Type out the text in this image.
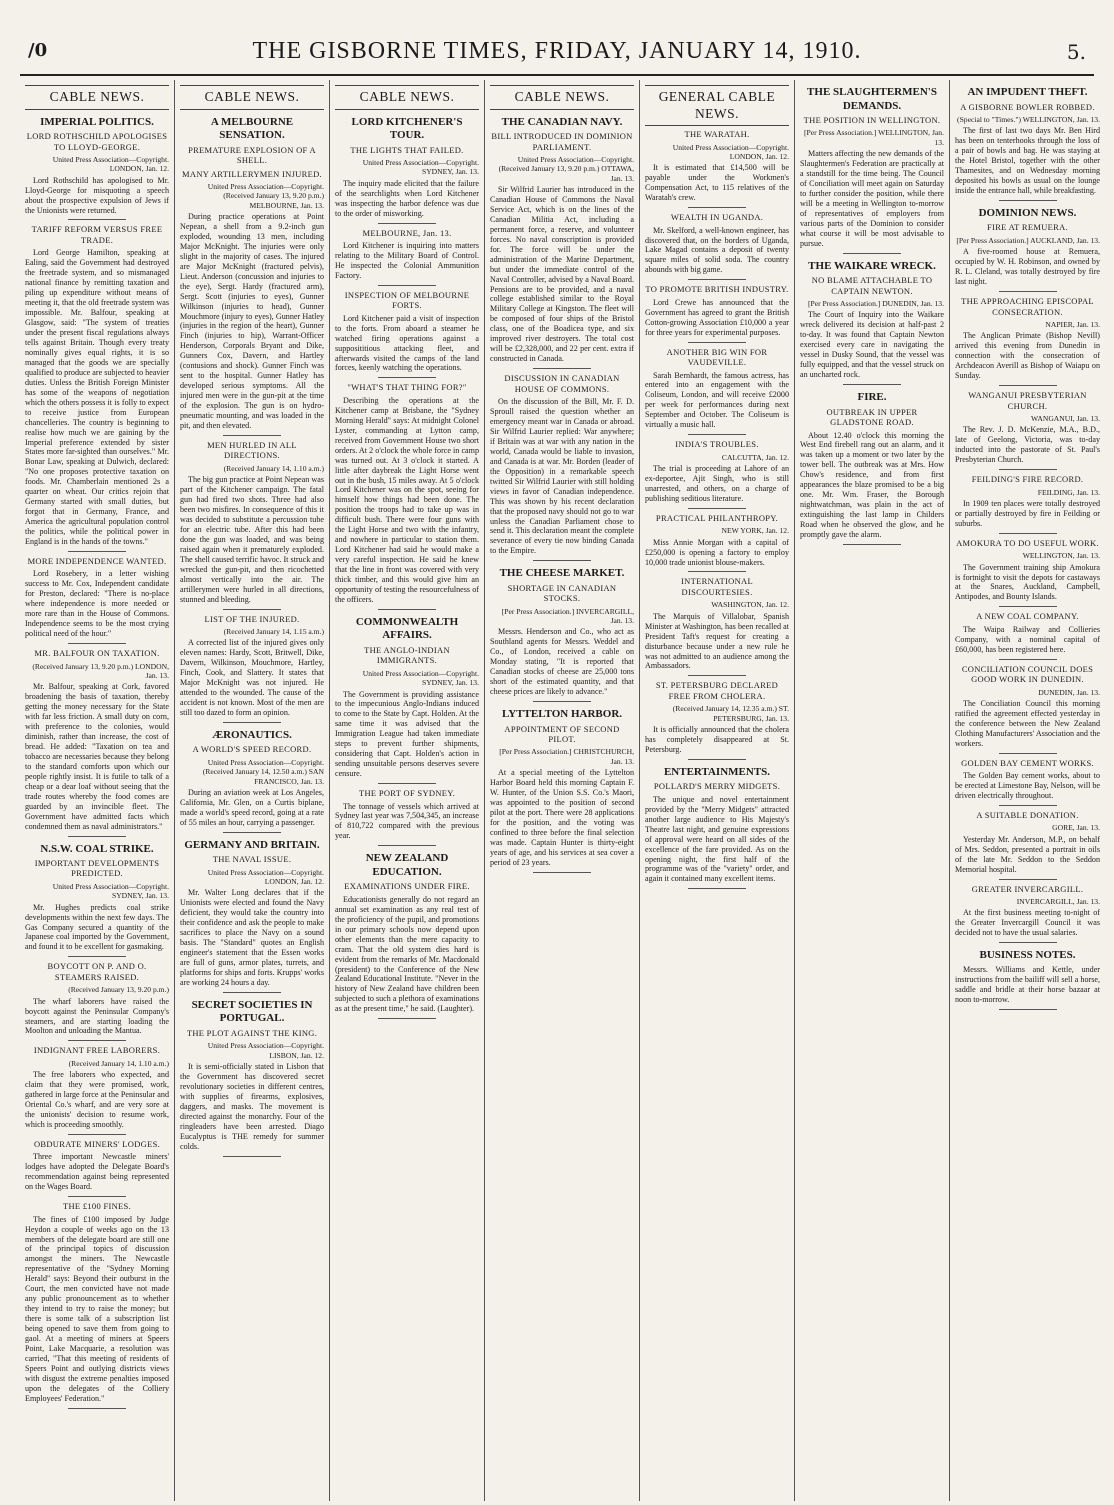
/0	THE GISBORNE TIMES, FRIDAY, JANUARY 14, 1910.	5.
CABLE NEWS.
IMPERIAL POLITICS.
LORD ROTHSCHILD APOLOGISES TO LLOYD-GEORGE.
United Press Association—Copyright. LONDON, Jan. 12.

Lord Rothschild has apologised to Mr. Lloyd-George for misquoting a speech about the prospective expulsion of Jews if the Unionists were returned.

TARIFF REFORM VERSUS FREE TRADE.

Lord George Hamilton, speaking at Ealing, said the Government had destroyed the freetrade system, and so mismanaged national finance by remitting taxation and piling up expenditure without means of meeting it, that the old freetrade system was impossible. Mr. Balfour, speaking at Glasgow, said: "The system of treaties under the present fiscal regulations always tells against Britain. Though every treaty nominally gives equal rights, it is so managed that the goods we are specially qualified to produce are subjected to heavier duties. Unless the British Foreign Minister has some of the weapons of negotiation which the others possess it is folly to expect to receive justice from European chancelleries. The country is beginning to realise how much we are gaining by the Imperial preference extended by sister States more far-sighted than ourselves." Mr. Bonar Law, speaking at Dulwich, declared: "No one proposes protective taxation on foods. Mr. Chamberlain mentioned 2s a quarter on wheat. Our critics rejoin that Germany started with small duties, but forgot that in Germany, France, and America the agricultural population control the politics, while the political power in England is in the hands of the towns."

MORE INDEPENDENCE WANTED.

Lord Rosebery, in a letter wishing success to Mr. Cox, Independent candidate for Preston, declared: "There is no-place where independence is more needed or more rare than in the House of Commons. Independence seems to be the most crying political need of the hour."

MR. BALFOUR ON TAXATION.
(Received January 13, 9.20 p.m.) LONDON, Jan. 13.

Mr. Balfour, speaking at Cork, favored broadening the basis of taxation, thereby getting the money necessary for the State with far less friction. A small duty on corn, with preference to the colonies, would diminish, rather than increase, the cost of bread. He added: "Taxation on tea and tobacco are necessaries because they belong to the standard comforts upon which our people rightly insist. It is futile to talk of a cheap or a dear loaf without seeing that the trade routes whereby the food comes are guarded by an invincible fleet. The Government have admitted facts which condemned them as naval administrators."

N.S.W. COAL STRIKE.
IMPORTANT DEVELOPMENTS PREDICTED.
United Press Association—Copyright. SYDNEY, Jan. 13.

Mr. Hughes predicts coal strike developments within the next few days. The Gas Company secured a quantity of the Japanese coal imported by the Government, and found it to be excellent for gasmaking.

BOYCOTT ON P. AND O. STEAMERS RAISED.
(Received January 13, 9.20 p.m.)

The wharf laborers have raised the boycott against the Peninsular Company's steamers, and are starting loading the Moolton and unloading the Mantua.

INDIGNANT FREE LABORERS.
(Received January 14, 1.10 a.m.)

The free laborers who expected, and claim that they were promised, work, gathered in large force at the Peninsular and Oriental Co.'s wharf, and are very sore at the unionists' decision to resume work, which is proceeding smoothly.

OBDURATE MINERS' LODGES.

Three important Newcastle miners' lodges have adopted the Delegate Board's recommendation against being represented on the Wages Board.

THE £100 FINES.

The fines of £100 imposed by Judge Heydon a couple of weeks ago on the 13 members of the delegate board are still one of the principal topics of discussion amongst the miners. The Newcastle representative of the "Sydney Morning Herald" says: Beyond their outburst in the Court, the men convicted have not made any public pronouncement as to whether they intend to try to raise the money; but there is some talk of a subscription list being opened to save them from going to gaol. At a meeting of miners at Speers Point, Lake Macquarie, a resolution was carried, "That this meeting of residents of Speers Point and outlying districts views with disgust the extreme penalties imposed upon the delegates of the Colliery Employees' Federation."

CABLE NEWS.
A MELBOURNE SENSATION.
PREMATURE EXPLOSION OF A SHELL.
MANY ARTILLERYMEN INJURED.
United Press Association—Copyright. (Received January 13, 9.20 p.m.) MELBOURNE, Jan. 13.

During practice operations at Point Nepean, a shell from a 9.2-inch gun exploded, wounding 13 men, including Major McKnight. The injuries were only slight in the majority of cases. The injured are Major McKnight (fractured pelvis), Lieut. Anderson (concussion and injuries to the eye), Sergt. Hardy (fractured arm), Sergt. Scott (injuries to eyes), Gunner Wilkinson (injuries to head), Gunner Mouchmore (injury to eyes), Gunner Hatley (injuries in the region of the heart), Gunner Finch (injuries to hip), Warrant-Officer Henderson, Corporals Bryant and Dike, Gunners Cox, Davern, and Hartley (contusions and shock). Gunner Finch was sent to the hospital. Gunner Hatley has developed serious symptoms. All the injured men were in the gun-pit at the time of the explosion. The gun is on hydro-pneumatic mounting, and was loaded in the pit, and then elevated.

MEN HURLED IN ALL DIRECTIONS.
(Received January 14, 1.10 a.m.)

The big gun practice at Point Nepean was part of the Kitchener campaign. The fatal gun had fired two shots. Three had also been two misfires. In consequence of this it was decided to substitute a percussion tube for an electric tube. After this had been done the gun was loaded, and was being raised again when it prematurely exploded. The shell caused terrific havoc. It struck and wrecked the gun-pit, and then ricochetted almost vertically into the air. The artillerymen were hurled in all directions, stunned and bleeding.

LIST OF THE INJURED.
(Received January 14, 1.15 a.m.)

A corrected list of the injured gives only eleven names: Hardy, Scott, Britwell, Dike, Davern, Wilkinson, Mouchmore, Hartley, Finch, Cook, and Slattery. It states that Major McKnight was not injured. He attended to the wounded. The cause of the accident is not known. Most of the men are still too dazed to form an opinion.

ÆRONAUTICS.
A WORLD'S SPEED RECORD.
United Press Association—Copyright. (Received January 14, 12.50 a.m.) SAN FRANCISCO, Jan. 13.

During an aviation week at Los Angeles, California, Mr. Glen, on a Curtis biplane, made a world's speed record, going at a rate of 55 miles an hour, carrying a passenger.

GERMANY AND BRITAIN.
THE NAVAL ISSUE.
United Press Association—Copyright. LONDON, Jan. 12.

Mr. Walter Long declares that if the Unionists were elected and found the Navy deficient, they would take the country into their confidence and ask the people to make sacrifices to place the Navy on a sound basis. The "Standard" quotes an English engineer's statement that the Essen works are full of guns, armor plates, turrets, and platforms for ships and forts. Krupps' works are working 24 hours a day.

SECRET SOCIETIES IN PORTUGAL.
THE PLOT AGAINST THE KING.
United Press Association—Copyright. LISBON, Jan. 12.

It is semi-officially stated in Lisbon that the Government has discovered secret revolutionary societies in different centres, with supplies of firearms, explosives, daggers, and masks. The movement is directed against the monarchy. Four of the ringleaders have been arrested. Diago Eucalyptus is THE remedy for summer colds.

CABLE NEWS.
LORD KITCHENER'S TOUR.
THE LIGHTS THAT FAILED.
United Press Association—Copyright. SYDNEY, Jan. 13.

The inquiry made elicited that the failure of the searchlights when Lord Kitchener was inspecting the harbor defence was due to the order of misworking.

MELBOURNE, Jan. 13.

Lord Kitchener is inquiring into matters relating to the Military Board of Control. He inspected the Colonial Ammunition Factory.

INSPECTION OF MELBOURNE FORTS.

Lord Kitchener paid a visit of inspection to the forts. From aboard a steamer he watched firing operations against a supposititious attacking fleet, and afterwards visited the camps of the land forces, keenly watching the operations.

"WHAT'S THAT THING FOR?"

Describing the operations at the Kitchener camp at Brisbane, the "Sydney Morning Herald" says: At midnight Colonel Lyster, commanding at Lytton camp, received from Government House two short orders. At 2 o'clock the whole force in camp was turned out. At 3 o'clock it started. A little after daybreak the Light Horse went out in the bush, 15 miles away. At 5 o'clock Lord Kitchener was on the spot, seeing for himself how things had been done. The position the troops had to take up was in difficult bush. There were four guns with the Light Horse and two with the infantry, and nowhere in particular to station them. Lord Kitchener had said he would make a very careful inspection. He said he knew that the line in front was covered with very thick timber, and this would give him an opportunity of testing the resourcefulness of the officers.

COMMONWEALTH AFFAIRS.
THE ANGLO-INDIAN IMMIGRANTS.
United Press Association—Copyright. SYDNEY, Jan. 13.

The Government is providing assistance to the impecunious Anglo-Indians induced to come to the State by Capt. Holden. At the same time it was advised that the Immigration League had taken immediate steps to prevent further shipments, considering that Capt. Holden's action in sending unsuitable persons deserves severe censure.

THE PORT OF SYDNEY.

The tonnage of vessels which arrived at Sydney last year was 7,504,345, an increase of 810,722 compared with the previous year.

NEW ZEALAND EDUCATION.
EXAMINATIONS UNDER FIRE.

Educationists generally do not regard an annual set examination as any real test of the proficiency of the pupil, and promotions in our primary schools now depend upon other elements than the mere capacity to cram. That the old system dies hard is evident from the remarks of Mr. Macdonald (president) to the Conference of the New Zealand Educational Institute. "Never in the history of New Zealand have children been subjected to such a plethora of examinations as at the present time," he said. (Laughter).

CABLE NEWS.
THE CANADIAN NAVY.
BILL INTRODUCED IN DOMINION PARLIAMENT.
United Press Association—Copyright. (Received January 13, 9.20 p.m.) OTTAWA, Jan. 13.

Sir Wilfrid Laurier has introduced in the Canadian House of Commons the Naval Service Act, which is on the lines of the Canadian Militia Act, including a permanent force, a reserve, and volunteer forces. No naval conscription is provided for. The force will be under the administration of the Marine Department, but under the immediate control of the Naval Controller, advised by a Naval Board. Pensions are to be provided, and a naval college established similar to the Royal Military College at Kingston. The fleet will be composed of four ships of the Bristol class, one of the Boadicea type, and six improved river destroyers. The total cost will be £2,328,000, and 22 per cent. extra if constructed in Canada.

DISCUSSION IN CANADIAN HOUSE OF COMMONS.

On the discussion of the Bill, Mr. F. D. Sproull raised the question whether an emergency meant war in Canada or abroad. Sir Wilfrid Laurier replied: War anywhere; if Britain was at war with any nation in the world, Canada would be liable to invasion, and Canada is at war. Mr. Borden (leader of the Opposition) in a remarkable speech twitted Sir Wilfrid Laurier with still holding views in favor of Canadian independence. This was shown by his recent declaration that the proposed navy should not go to war unless the Canadian Parliament chose to send it. This declaration meant the complete severance of every tie now binding Canada to the Empire.

THE CHEESE MARKET.
SHORTAGE IN CANADIAN STOCKS.
[Per Press Association.] INVERCARGILL, Jan. 13.

Messrs. Henderson and Co., who act as Southland agents for Messrs. Weddel and Co., of London, received a cable on Monday stating, "It is reported that Canadian stocks of cheese are 25,000 tons short of the estimated quantity, and that cheese prices are likely to advance."

LYTTELTON HARBOR.
APPOINTMENT OF SECOND PILOT.
[Per Press Association.] CHRISTCHURCH, Jan. 13.

At a special meeting of the Lyttelton Harbor Board held this morning Captain F. W. Hunter, of the Union S.S. Co.'s Maori, was appointed to the position of second pilot at the port. There were 28 applications for the position, and the voting was confined to three before the final selection was made. Captain Hunter is thirty-eight years of age, and his services at sea cover a period of 23 years.

GENERAL CABLE NEWS.
THE WARATAH.
United Press Association—Copyright. LONDON, Jan. 12.

It is estimated that £14,500 will be payable under the Workmen's Compensation Act, to 115 relatives of the Waratah's crew.

WEALTH IN UGANDA.

Mr. Skelford, a well-known engineer, has discovered that, on the borders of Uganda, Lake Magad contains a deposit of twenty square miles of solid soda. The country abounds with big game.

TO PROMOTE BRITISH INDUSTRY.

Lord Crewe has announced that the Government has agreed to grant the British Cotton-growing Association £10,000 a year for three years for experimental purposes.

ANOTHER BIG WIN FOR VAUDEVILLE.

Sarah Bernhardt, the famous actress, has entered into an engagement with the Coliseum, London, and will receive £2000 per week for performances during next September and October. The Coliseum is virtually a music hall.

INDIA'S TROUBLES.
CALCUTTA, Jan. 12.

The trial is proceeding at Lahore of an ex-deportee, Ajit Singh, who is still unarrested, and others, on a charge of publishing seditious literature.

PRACTICAL PHILANTHROPY.
NEW YORK, Jan. 12.

Miss Annie Morgan with a capital of £250,000 is opening a factory to employ 10,000 trade unionist blouse-makers.

INTERNATIONAL DISCOURTESIES.
WASHINGTON, Jan. 12.

The Marquis of Villalobar, Spanish Minister at Washington, has been recalled at President Taft's request for creating a disturbance because under a new rule he was not admitted to an audience among the Ambassadors.

ST. PETERSBURG DECLARED FREE FROM CHOLERA.
(Received January 14, 12.35 a.m.) ST. PETERSBURG, Jan. 13.

It is officially announced that the cholera has completely disappeared at St. Petersburg.

ENTERTAINMENTS.
POLLARD'S MERRY MIDGETS.

The unique and novel entertainment provided by the "Merry Midgets" attracted another large audience to His Majesty's Theatre last night, and genuine expressions of approval were heard on all sides of the excellence of the fare provided. As on the opening night, the first half of the programme was of the "variety" order, and again it contained many excellent items.

THE SLAUGHTERMEN'S DEMANDS.
THE POSITION IN WELLINGTON.
[Per Press Association.] WELLINGTON, Jan. 13.

Matters affecting the new demands of the Slaughtermen's Federation are practically at a standstill for the time being. The Council of Conciliation will meet again on Saturday to further consider the position, while there will be a meeting in Wellington to-morrow of representatives of employers from various parts of the Dominion to consider what course it will be most advisable to pursue.

THE WAIKARE WRECK.
NO BLAME ATTACHABLE TO CAPTAIN NEWTON.
[Per Press Association.] DUNEDIN, Jan. 13.

The Court of Inquiry into the Waikare wreck delivered its decision at half-past 2 to-day. It was found that Captain Newton exercised every care in navigating the vessel in Dusky Sound, that the vessel was fully equipped, and that the vessel struck on an uncharted rock.

FIRE.
OUTBREAK IN UPPER GLADSTONE ROAD.

About 12.40 o'clock this morning the West End firebell rang out an alarm, and it was taken up a moment or two later by the tower bell. The outbreak was at Mrs. How Chow's residence, and from first appearances the blaze promised to be a big one. Mr. Wm. Fraser, the Borough nightwatchman, was plain in the act of extinguishing the last lamp in Childers Road when he observed the glow, and he promptly gave the alarm.

AN IMPUDENT THEFT.
A GISBORNE BOWLER ROBBED.
(Special to "Times.") WELLINGTON, Jan. 13.

The first of last two days Mr. Ben Hird has been on tenterhooks through the loss of a pair of bowls and bag. He was staying at the Hotel Bristol, together with the other Thamesites, and on Wednesday morning deposited his bowls as usual on the lounge inside the entrance hall, while breakfasting.

DOMINION NEWS.
FIRE AT REMUERA.
[Per Press Association.] AUCKLAND, Jan. 13.

A five-roomed house at Remuera, occupied by W. H. Robinson, and owned by R. L. Cleland, was totally destroyed by fire last night.

THE APPROACHING EPISCOPAL CONSECRATION.
NAPIER, Jan. 13.

The Anglican Primate (Bishop Nevill) arrived this evening from Dunedin in connection with the consecration of Archdeacon Averill as Bishop of Waiapu on Sunday.

WANGANUI PRESBYTERIAN CHURCH.
WANGANUI, Jan. 13.

The Rev. J. D. McKenzie, M.A., B.D., late of Geelong, Victoria, was to-day inducted into the pastorate of St. Paul's Presbyterian Church.

FEILDING'S FIRE RECORD.
FEILDING, Jan. 13.

In 1909 ten places were totally destroyed or partially destroyed by fire in Feilding or suburbs.

AMOKURA TO DO USEFUL WORK.
WELLINGTON, Jan. 13.

The Government training ship Amokura is fortnight to visit the depots for castaways at the Snares, Auckland, Campbell, Antipodes, and Bounty Islands.

A NEW COAL COMPANY.

The Waipa Railway and Collieries Company, with a nominal capital of £60,000, has been registered here.

CONCILIATION COUNCIL DOES GOOD WORK IN DUNEDIN.
DUNEDIN, Jan. 13.

The Conciliation Council this morning ratified the agreement effected yesterday in the conference between the New Zealand Clothing Manufacturers' Association and the workers.

GOLDEN BAY CEMENT WORKS.

The Golden Bay cement works, about to be erected at Limestone Bay, Nelson, will be driven electrically throughout.

A SUITABLE DONATION.
GORE, Jan. 13.

Yesterday Mr. Anderson, M.P., on behalf of Mrs. Seddon, presented a portrait in oils of the late Mr. Seddon to the Seddon Memorial hospital.

GREATER INVERCARGILL.
INVERCARGILL, Jan. 13.

At the first business meeting to-night of the Greater Invercargill Council it was decided not to have the usual salaries.

BUSINESS NOTES.

Messrs. Williams and Kettle, under instructions from the bailiff will sell a horse, saddle and bridle at their horse bazaar at noon to-morrow.
